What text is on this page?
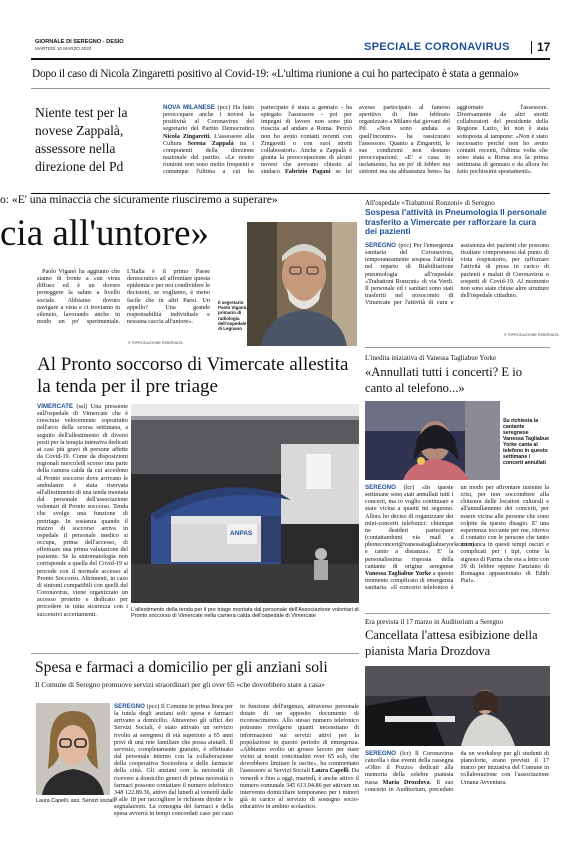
GIORNALE DI SEREGNO - DESIO
MARTEDÌ 10 MARZO 2020	SPECIALE CORONAVIRUS 17
Dopo il caso di Nicola Zingaretti positivo al Covid-19: «L'ultima riunione a cui ho partecipato è stata a gennaio»
Niente test per la novese Zappalà, assessore nella direzione del Pd

NOVA MILANESE (pcc) Ha fatto preoccupare anche i novesi la positività al Coronavirus del segretario del Partito Democratico Nicola Zingaretti. L'assessore alla Cultura Serena Zappalà tra i componenti della direzione nazionale del partito. «Le nostre riunioni non sono molto frequenti e comunque l'ultima a cui ho partecipato è stata a gennaio - ha spiegato l'assessore - poi per impegni di lavoro non sono più riuscita ad andare a Roma. Perciò non ho avuto contatti recenti con Zingaretti o con suoi stretti collaboratori». Anche a Zappalà è giunta la preoccupazione di alcuni novesi che avevano chiesto al sindaco Fabrizio Pagani se lei avesse partecipato al famoso aperitivo di fine febbraio organizzato a Milano dai giovani del Pd. «Non sono andata a quell'incontro» ha rassicurato l'assessore. Quanto a Zingaretti, le sue condizioni non destano preoccupazioni. «E' a casa in isolamento, ha un po' di febbre ma sintomi ma sta abbastanza bene» ha aggiornato l'assessore. Diversamente da altri stretti collaboratori del presidente della Regione Lazio, lei non è stata sottoposta al tampone: «Non è stato necessario perché non ho avuto contatti recenti, l'ultima volta che sono stata a Roma era la prima settimana di gennaio e da allora ho fatto pochissimi spostamenti».

o: «E' una minaccia che sicuramente riusciremo a superare»
cia all'untore»

Paolo Viganò ha aggiunto che siamo di fronte a «un virus diffuso ed è un dovere proteggere la salute a livello sociale. Abbiamo dovuto navigare a vista e ci troviamo in silenzio, lavorando anche in modo un po' sperimentale. L'Italia è il primo Paese democratico ad affrontare questa epidemia e per noi condividere le decisioni, se vogliamo, è meno facile che in altri Paesi. Un appello? Una grande responsabilità individuale e nessuna caccia all'untore».

© RIPRODUZIONE RISERVATA
Il segretario Paolo Viganò, primario di radiologia dell'ospedale di Legnano
All'ospedale «Trabattoni Ronzoni» di Seregno
Sospesa l'attività in Pneumologia Il personale trasferito a Vimercate per rafforzare la cura dei pazienti

SEREGNO (pcc) Per l'emergenza sanitaria del Coronavirus, temporaneamente sospesa l'attività nel reparto di Riabilitazione pneumologia all'ospedale «Trabattoni Ronzoni» di via Verdi. Il personale ed i sanitari sono stati trasferiti nel nosocomio di Vimercate per l'attività di cura e assistenza dei pazienti che possono risultare compromessi dal punto di vista respiratorio, per rafforzare l'attività di presa in carico di pazienti e malati di Coronavirus o sospetti di Covid-19. Al momento non sono state chiuse altre strutture dell'ospedale cittadino.

© RIPRODUZIONE RISERVATA
Al Pronto soccorso di Vimercate allestita la tenda per il pre triage

VIMERCATE (ssl) Una pressione sull'ospedale di Vimercate che è cresciuta velocemente soprattutto nell'arco della scorsa settimana, a seguito dell'allestimento di diversi posti per la terapia intensiva dedicati ai casi più gravi di persone affette da Covid-19. Come da disposizioni regionali mercoledì scorso una parte della camera calda da cui accedono al Pronto soccorso dove arrivano le ambulanze è stata riservata all'allestimento di una tenda montata dal personale dell'associazione volontari di Pronto soccorso. Tenda che svolge una funzione di pretriage. In sostanza quando il mezzo di soccorso arriva in ospedale il personale medico si occupa, prima dell'accesso, di effettuare una prima valutazione del paziente. Se la sintomatologia non corrisponde a quella del Covid-19 si procede con il normale accesso al Pronto Soccorso. Altrimenti, in caso di sintomi compatibili con quelli del Coronavirus, viene organizzato un accesso protetto e dedicato per procedere in tutta sicurezza con i successivi accertamenti.

ANPAS
L'allestimento della tenda per il pre triage montata dal personale dell'Associazione volontari di Pronto soccorso di Vimercate nella camera calda dell'ospedale di Vimercate
L'inedita iniziativa di Vanessa Tagliabue Yorke
«Annullati tutti i concerti? E io canto al telefono...»
Su richiesta la cantante seregnese Vanessa Tagliabue Yorke canta al telefono in questo settimane i concerti annullati

SEREGNO (lcr) «In queste settimane sono stati annullati tutti i concerti, ma io voglio continuare a stare vicina a quanti mi seguono. Allora ho deciso di organizzare dei mini-concerti telefonici: chiunque ne desideri partecipare (contattandomi via mail a phoneconcert@vanessatagliabueyorke.com) e canto a distanza». E' la personalissima risposta della cantante di origine seregnese Vanessa Tagliabue Yorke a questo momento complicato di emergenza sanitaria. «Il concerto telefonico è un modo per affrontare insieme la crisi, per non soccombere alla chiusura delle location culturali e all'annullamento dei concerti, per essere vicina alle persone che sono colpite da questo disagio. E' una esperienza toccante per me, ritrovo il contatto con le persone che tanto mi manca in questi tempi oscuri e complicati per i tipi, come la signora di Parma che era a letto con 39 di febbre oppure l'anziano di Romagna appassionato di Edith Piaf».

Era prevista il 17 marzo in Auditorium a Seregno
Cancellata l'attesa esibizione della pianista Maria Drozdova

SEREGNO (lcr) Il Coronavirus cancella i due eventi della rassegna «Oltre il Pozzo» dedicati alla memoria della celebre pianista russa Maria Drozdova. Il suo concerto in Auditorium, preceduto da un workshop per gli studenti di pianoforte, erano previsti il 17 marzo per iniziativa del Comune in collaborazione con l'associazione Umana Avventura.

Spesa e farmaci a domicilio per gli anziani soli
Il Comune di Seregno promuove servizi straordinari per gli over 65 «che dovrebbero stare a casa»
Laura Capelli, ass. Servizi sociali

SEREGNO (pcc) Il Comune in prima linea per la tutela degli anziani soli: spesa e farmaci arrivano a domicilio. Attraverso gli uffici dei Servizi Sociali, è stato attivato un servizio rivolto ai seregnesi di età superiore a 65 anni privi di una rete familiare che possa aiutarli. Il servizio, completamente gratuito, è effettuato dal personale interno con la collaborazione della cooperativa Sociosfera e delle farmacie della città. Gli anziani con la necessità di ricevere a domicilio generi di prima necessità o farmaci possono contattare il numero telefonico 348 122.89.36, attivo dal lunedì al venerdì dalle 9 alle 18 per raccogliere le richieste dirette e le segnalazioni. La consegna dei farmaci e della spesa avverrà in tempi concordati caso per caso in funzione dell'urgenza, attraverso personale dotato di un apposito documento di riconoscimento. Allo stesso numero telefonico potranno rivolgersi quanti necessitano di informazioni sui servizi attivi per la popolazione in questo periodo di emergenza. «Abbiamo svolto un grosso lavoro per stare vicini ai nostri concittadini over 65 soli, che dovrebbero limitare le uscite», ha commentato l'assessore ai Servizi Sociali Laura Capelli. Da venerdì e fino a oggi, martedì, è anche attivo il numero comunale 345 613.94.86 per attivare un intervento domiciliare temporaneo per i minori già in carico al servizio di sostegno socio-educativo in ambito scolastico.
